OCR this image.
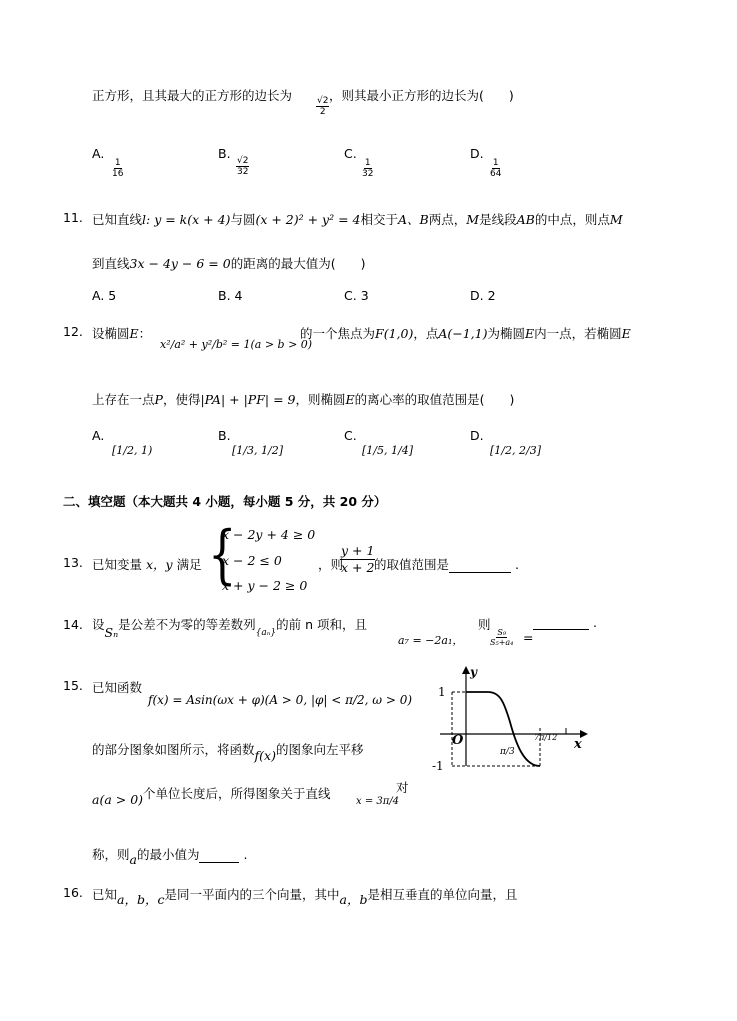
正方形，且其最大的正方形的边长为
$\frac{√2}{2}$
，则其最小正方形的边长为(　　)
A.
$\frac{1}{16}$
B.
$\frac{√2}{32}$
C.
$\frac{1}{32}$
D.
$\frac{1}{64}$
11. 已知直线l: y = k(x + 4)与圆(x + 2)² + y² = 4相交于A、B两点，M是线段AB的中点，则点M
到直线3x − 4y − 6 = 0的距离的最大值为(　　)
A. 5	B. 4	C. 3	D. 2
12. 设椭圆E：
x²/a² + y²/b² = 1(a > b > 0)
的一个焦点为F(1,0)，点A(−1,1)为椭圆E内一点，若椭圆E
上存在一点P，使得|PA| + |PF| = 9，则椭圆E的离心率的取值范围是(　　)
A.
[1/2, 1)
B.
[1/3, 1/2]
C.
[1/5, 1/4]
D.
[1/2, 2/3]
二、填空题（本大题共 4 小题，每小题 5 分，共 20 分）
13. 已知变量 x，y 满足 {
x − 2y + 4 ≥ 0
x − 2 ≤ 0
x + y − 2 ≥ 0
，则
$\frac{y + 1}{x + 2}$
的取值范围是	.
14. 设Sₙ是公差不为零的等差数列$_{\{a_n\}}$的前 n 项和，且	则
a₇ = −2a₁，	$\frac{\text{S₉}}{\text{S₅+a₄}}$ =
.
15. 已知函数
f(x) = Asin(ωx + φ)(A > 0, |φ| < π/2, ω > 0)
的部分图象如图所示，将函数f(x)的图象向左平移
a(a > 0)个单位长度后，所得图象关于直线
x = 3π/4
对
称，则a的最小值为	.
1
-1
O
y
x
π/3
7π/12
16. 已知a，b，c是同一平面内的三个向量，其中a，b是相互垂直的单位向量，且
